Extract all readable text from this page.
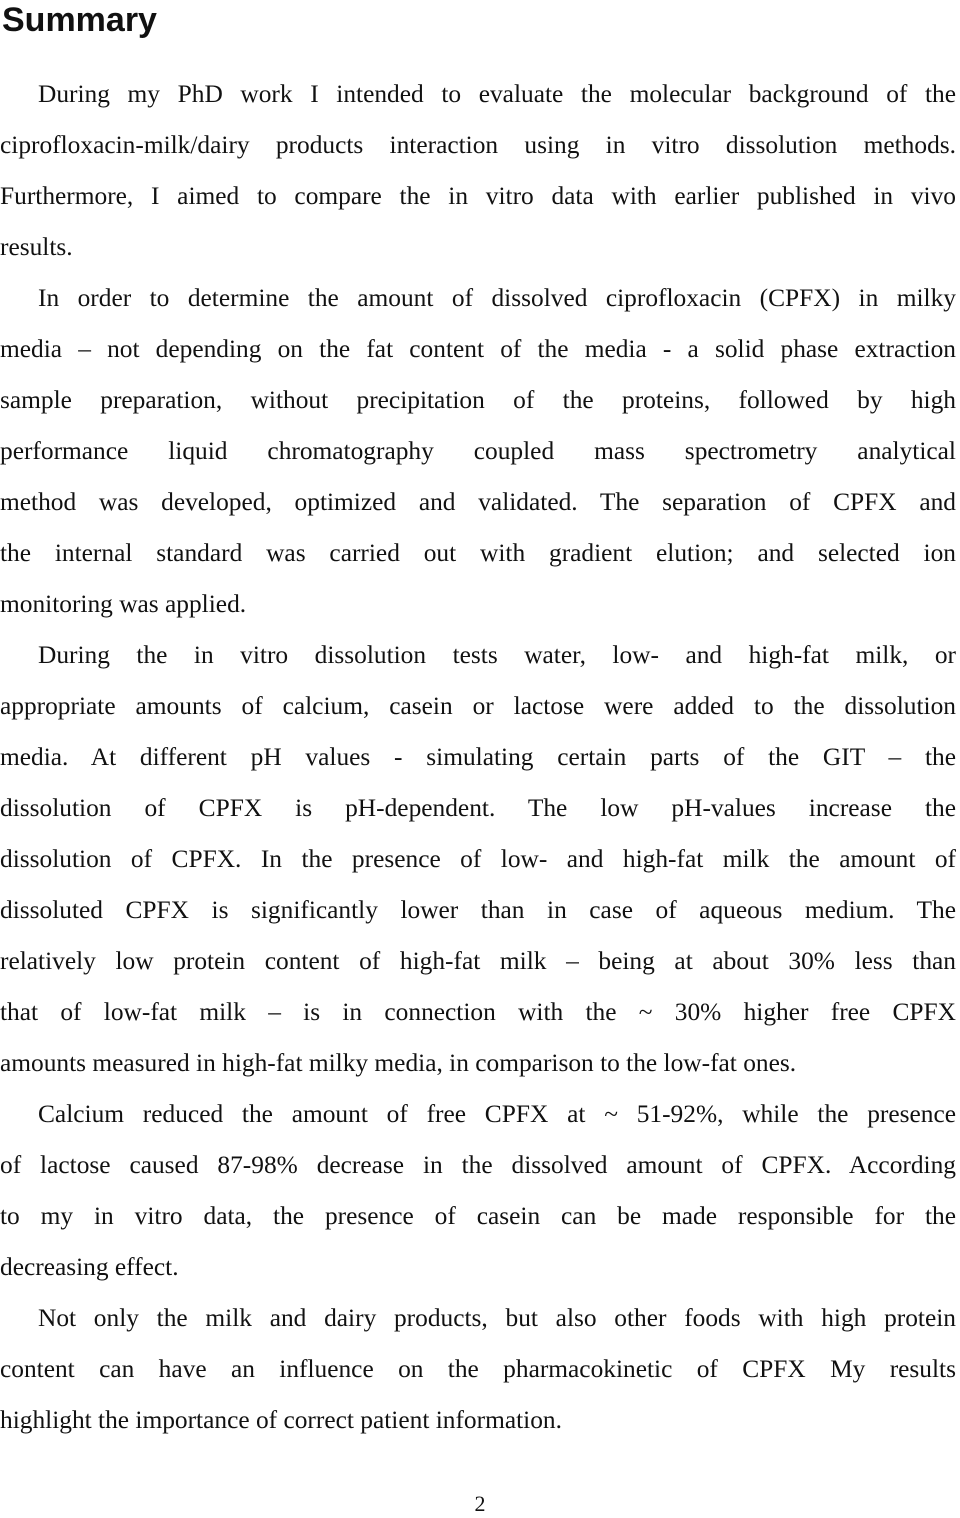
Summary

During my PhD work I intended to evaluate the molecular background of the

ciprofloxacin-milk/dairy products interaction using in vitro dissolution methods.

Furthermore, I aimed to compare the in vitro data with earlier published in vivo

results.

In order to determine the amount of dissolved ciprofloxacin (CPFX) in milky

media – not depending on the fat content of the media - a solid phase extraction

sample preparation, without precipitation of the proteins, followed by high

performance liquid chromatography coupled mass spectrometry analytical

method was developed, optimized and validated. The separation of CPFX and

the internal standard was carried out with gradient elution; and selected ion

monitoring was applied.

During the in vitro dissolution tests water, low- and high-fat milk, or

appropriate amounts of calcium, casein or lactose were added to the dissolution

media. At different pH values - simulating certain parts of the GIT – the

dissolution of CPFX is pH-dependent. The low pH-values increase the

dissolution of CPFX. In the presence of low- and high-fat milk the amount of

dissoluted CPFX is significantly lower than in case of aqueous medium. The

relatively low protein content of high-fat milk – being at about 30% less than

that of low-fat milk – is in connection with the ~ 30% higher free CPFX

amounts measured in high-fat milky media, in comparison to the low-fat ones.

Calcium reduced the amount of free CPFX at ~ 51-92%, while the presence

of lactose caused 87-98% decrease in the dissolved amount of CPFX. According

to my in vitro data, the presence of casein can be made responsible for the

decreasing effect.

Not only the milk and dairy products, but also other foods with high protein

content can have an influence on the pharmacokinetic of CPFX My results

highlight the importance of correct patient information.

2
